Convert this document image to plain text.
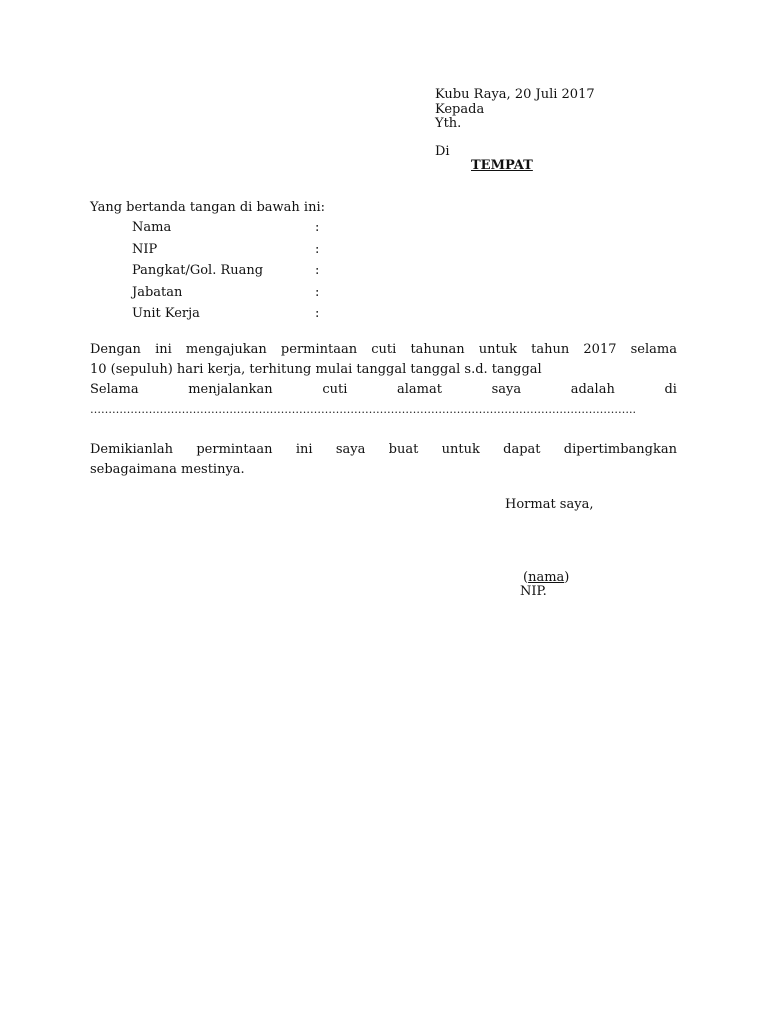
Kubu Raya, 20 Juli 2017
Kepada
Yth.
Di
TEMPAT
Yang bertanda tangan di bawah ini:
Nama	:
NIP	:
Pangkat/Gol. Ruang	:
Jabatan	:
Unit Kerja	:
Dengan ini mengajukan permintaan cuti tahunan untuk tahun 2017 selama
10 (sepuluh) hari kerja, terhitung mulai tanggal tanggal s.d. tanggal
Selama	menjalankan	cuti	alamat	saya	adalah	di
…………………………………………………………………………………………………………………………………..
Demikianlah permintaan ini saya buat untuk dapat dipertimbangkan
sebagaimana mestinya.
Hormat saya,
(nama)
NIP.
